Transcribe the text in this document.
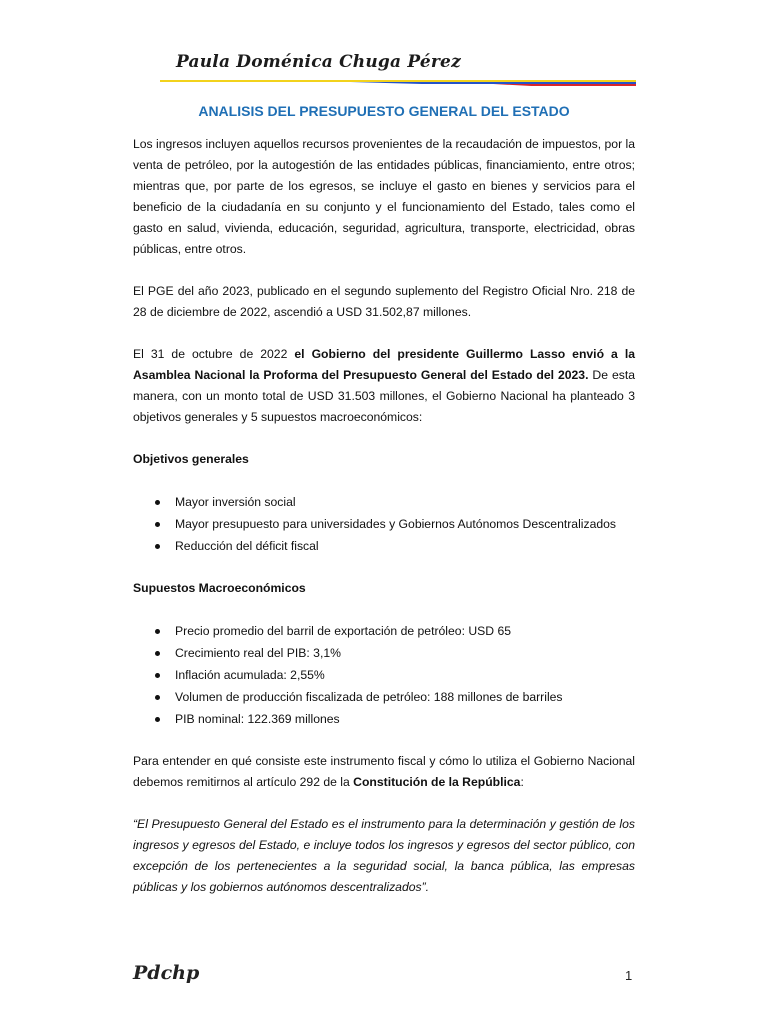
Paula Doménica Chuga Pérez
ANALISIS DEL PRESUPUESTO GENERAL DEL ESTADO

Los ingresos incluyen aquellos recursos provenientes de la recaudación de impuestos, por la venta de petróleo, por la autogestión de las entidades públicas, financiamiento, entre otros; mientras que, por parte de los egresos, se incluye el gasto en bienes y servicios para el beneficio de la ciudadanía en su conjunto y el funcionamiento del Estado, tales como el gasto en salud, vivienda, educación, seguridad, agricultura, transporte, electricidad, obras públicas, entre otros.

El PGE del año 2023, publicado en el segundo suplemento del Registro Oficial Nro. 218 de 28 de diciembre de 2022, ascendió a USD 31.502,87 millones.

El 31 de octubre de 2022 el Gobierno del presidente Guillermo Lasso envió a la Asamblea Nacional la Proforma del Presupuesto General del Estado del 2023. De esta manera, con un monto total de USD 31.503 millones, el Gobierno Nacional ha planteado 3 objetivos generales y 5 supuestos macroeconómicos:

Objetivos generales

Mayor inversión social
Mayor presupuesto para universidades y Gobiernos Autónomos Descentralizados
Reducción del déficit fiscal

Supuestos Macroeconómicos

Precio promedio del barril de exportación de petróleo: USD 65
Crecimiento real del PIB: 3,1%
Inflación acumulada: 2,55%
Volumen de producción fiscalizada de petróleo: 188 millones de barriles
PIB nominal: 122.369 millones

Para entender en qué consiste este instrumento fiscal y cómo lo utiliza el Gobierno Nacional debemos remitirnos al artículo 292 de la Constitución de la República:

“El Presupuesto General del Estado es el instrumento para la determinación y gestión de los ingresos y egresos del Estado, e incluye todos los ingresos y egresos del sector público, con excepción de los pertenecientes a la seguridad social, la banca pública, las empresas públicas y los gobiernos autónomos descentralizados”.

Pdchp	1
